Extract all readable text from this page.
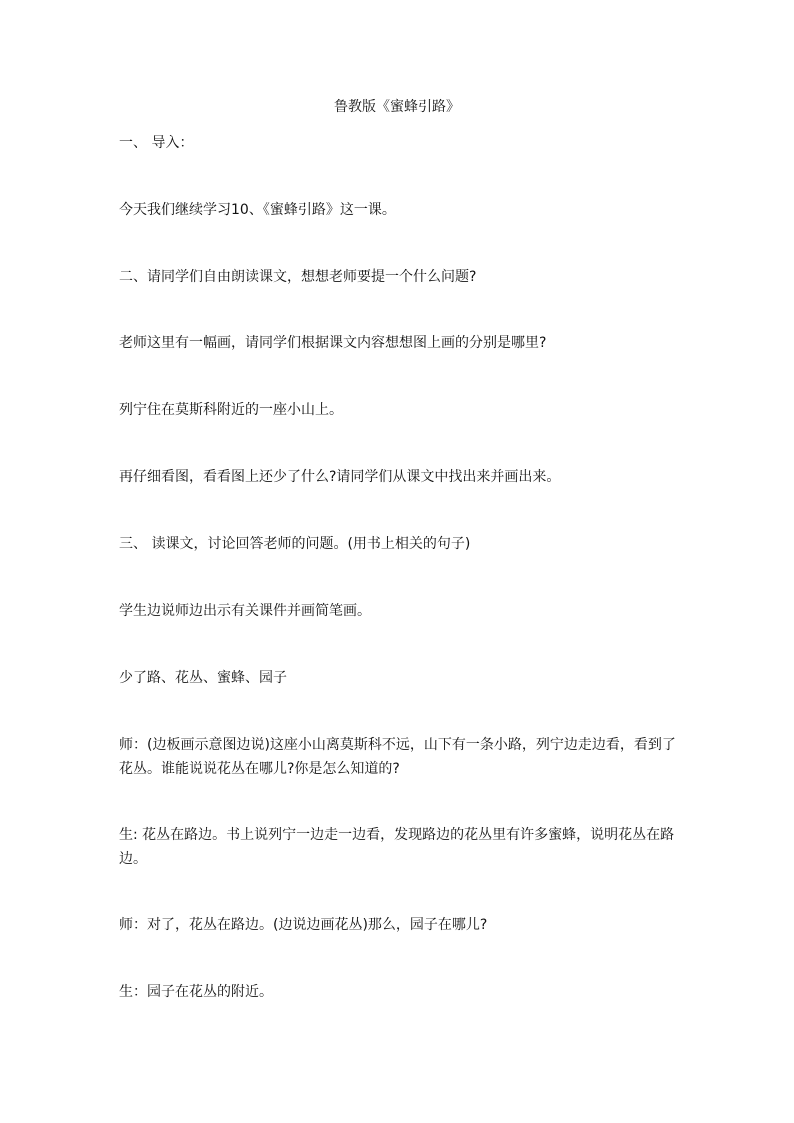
鲁教版《蜜蜂引路》

一、 导入：

今天我们继续学习10、《蜜蜂引路》这一课。

二、请同学们自由朗读课文，想想老师要提一个什么问题?

老师这里有一幅画，请同学们根据课文内容想想图上画的分别是哪里?

列宁住在莫斯科附近的一座小山上。

再仔细看图，看看图上还少了什么?请同学们从课文中找出来并画出来。

三、 读课文，讨论回答老师的问题。(用书上相关的句子)

学生边说师边出示有关课件并画简笔画。

少了路、花丛、蜜蜂、园子

师：(边板画示意图边说)这座小山离莫斯科不远，山下有一条小路，列宁边走边看，看到了花丛。谁能说说花丛在哪儿?你是怎么知道的?

生: 花丛在路边。书上说列宁一边走一边看，发现路边的花丛里有许多蜜蜂，说明花丛在路边。

师：对了，花丛在路边。(边说边画花丛)那么，园子在哪儿?

生：园子在花丛的附近。
